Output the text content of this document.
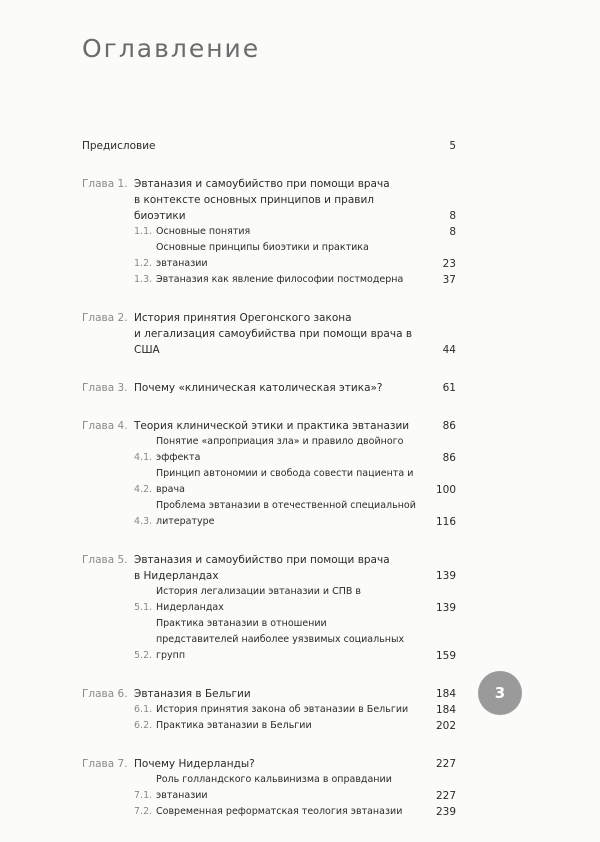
Оглавление
Предисловие	5
Глава 1. Эвтаназия и самоубийство при помощи врача
в контексте основных принципов и правил биоэтики	8
1.1. Основные понятия	8
1.2.
Основные принципы биоэтики и практика эвтаназии	23
1.3. Эвтаназия как явление философии постмодерна	37
Глава 2. История принятия Орегонского закона
и легализация самоубийства при помощи врача в США	44
Глава 3. Почему «клиническая католическая этика»?	61
Глава 4. Теория клинической этики и практика эвтаназии	86
4.1.
Понятие «апроприация зла» и правило двойного эффекта	86
4.2.
Принцип автономии и свобода совести пациента и врача	100
4.3.
Проблема эвтаназии в отечественной специальной литературе	116
Глава 5. Эвтаназия и самоубийство при помощи врача
в Нидерландах	139
5.1.
История легализации эвтаназии и СПВ в Нидерландах	139
5.2.
Практика эвтаназии в отношении
представителей наиболее уязвимых социальных групп	159
Глава 6. Эвтаназия в Бельгии	184
6.1. История принятия закона об эвтаназии в Бельгии	184
6.2. Практика эвтаназии в Бельгии	202
Глава 7. Почему Нидерланды?	227
7.1.
Роль голландского кальвинизма в оправдании эвтаназии	227
7.2. Современная реформатская теология эвтаназии	239
3
